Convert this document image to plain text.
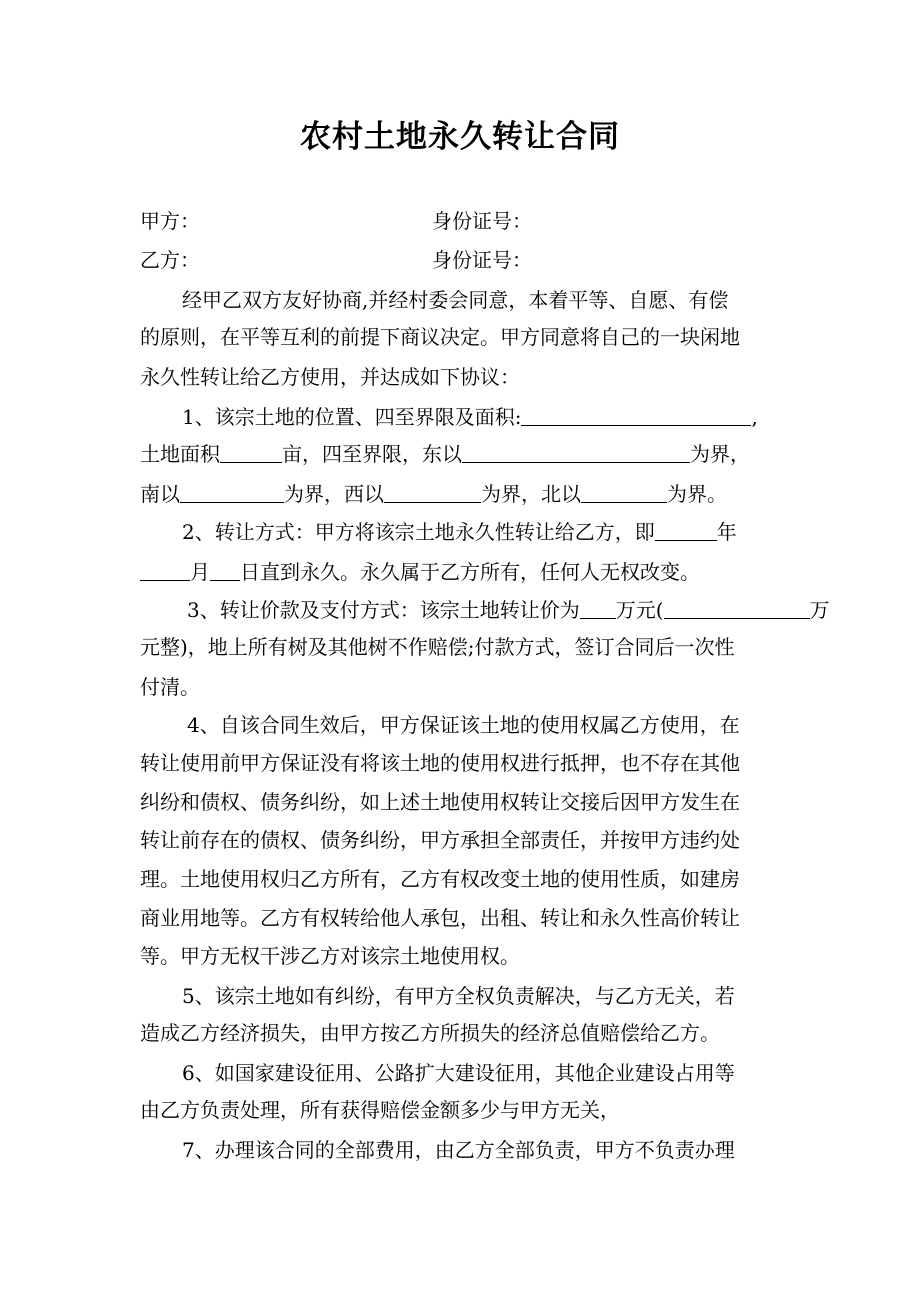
农村土地永久转让合同
甲方：	身份证号：
乙方：	身份证号：
经甲乙双方友好协商,并经村委会同意，本着平等、自愿、有偿
的原则，在平等互利的前提下商议决定。甲方同意将自己的一块闲地
永久性转让给乙方使用，并达成如下协议：
1、该宗土地的位置、四至界限及面积:	,
土地面积	亩，四至界限，东以	为界，
南以	为界，西以	为界，北以	为界。
2、转让方式：甲方将该宗土地永久性转让给乙方，即	年
月 日直到永久。永久属于乙方所有，任何人无权改变。
3、转让价款及支付方式：该宗土地转让价为 万元(	万
元整)，地上所有树及其他树不作赔偿;付款方式，签订合同后一次性
付清。
4、自该合同生效后，甲方保证该土地的使用权属乙方使用，在
转让使用前甲方保证没有将该土地的使用权进行抵押，也不存在其他
纠纷和债权、债务纠纷，如上述土地使用权转让交接后因甲方发生在
转让前存在的债权、债务纠纷，甲方承担全部责任，并按甲方违约处
理。土地使用权归乙方所有，乙方有权改变土地的使用性质，如建房
商业用地等。乙方有权转给他人承包，出租、转让和永久性高价转让
等。甲方无权干涉乙方对该宗土地使用权。
5、该宗土地如有纠纷，有甲方全权负责解决，与乙方无关，若
造成乙方经济损失，由甲方按乙方所损失的经济总值赔偿给乙方。
6、如国家建设征用、公路扩大建设征用，其他企业建设占用等
由乙方负责处理，所有获得赔偿金额多少与甲方无关，
7、办理该合同的全部费用，由乙方全部负责，甲方不负责办理
